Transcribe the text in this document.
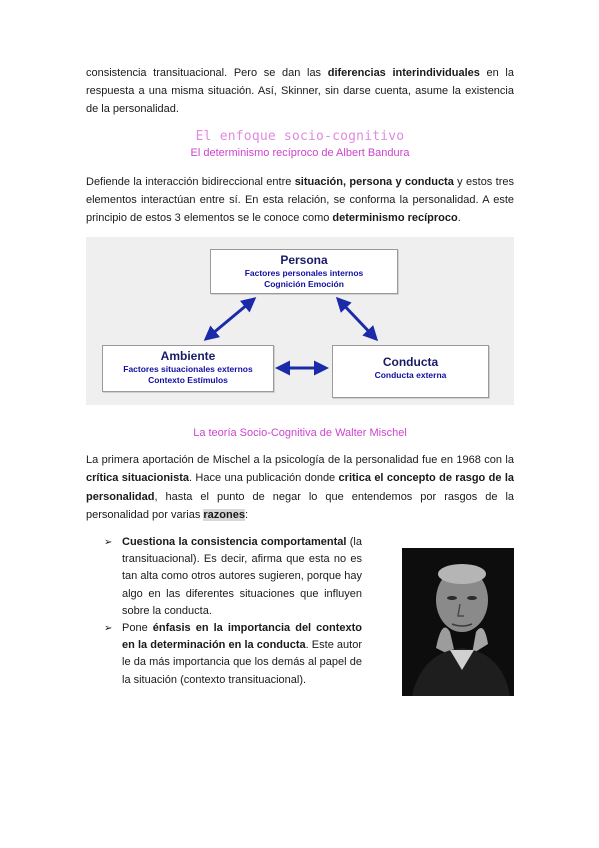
consistencia transituacional. Pero se dan las diferencias interindividuales en la respuesta a una misma situación. Así, Skinner, sin darse cuenta, asume la existencia de la personalidad.

El enfoque socio-cognitivo
El determinismo recíproco de Albert Bandura

Defiende la interacción bidireccional entre situación, persona y conducta y estos tres elementos interactúan entre sí. En esta relación, se conforma la personalidad. A este principio de estos 3 elementos se le conoce como determinismo recíproco.

Persona
Factores personales internos
Cognición Emoción
Ambiente
Factores situacionales externos
Contexto Estímulos
Conducta
Conducta externa
La teoría Socio-Cognitiva de Walter Mischel

La primera aportación de Mischel a la psicología de la personalidad fue en 1968 con la crítica situacionista. Hace una publicación donde critica el concepto de rasgo de la personalidad, hasta el punto de negar lo que entendemos por rasgos de la personalidad por varias razones:

➢ Cuestiona la consistencia comportamental (la transituacional). Es decir, afirma que esta no es tan alta como otros autores sugieren, porque hay algo en las diferentes situaciones que influyen sobre la conducta.
➢ Pone énfasis en la importancia del contexto en la determinación en la conducta. Este autor le da más importancia que los demás al papel de la situación (contexto transituacional).
